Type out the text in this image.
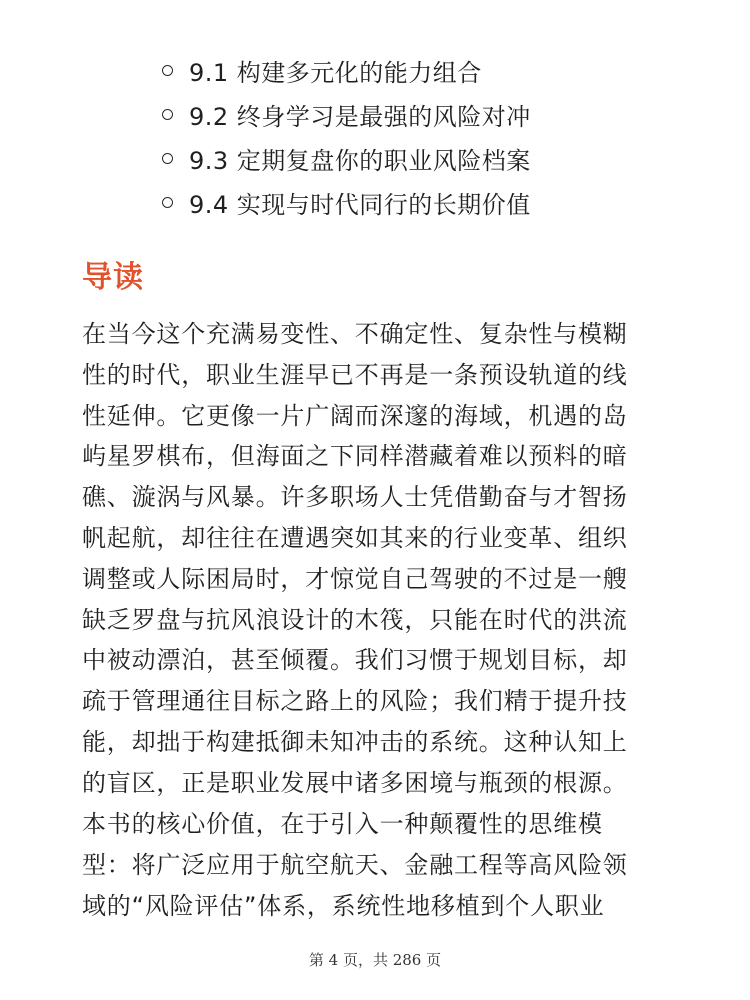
9.1 构建多元化的能力组合
9.2 终身学习是最强的风险对冲
9.3 定期复盘你的职业风险档案
9.4 实现与时代同行的长期价值
导读
在当今这个充满易变性、不确定性、复杂性与模糊
性的时代，职业生涯早已不再是一条预设轨道的线
性延伸。它更像一片广阔而深邃的海域，机遇的岛
屿星罗棋布，但海面之下同样潜藏着难以预料的暗
礁、漩涡与风暴。许多职场人士凭借勤奋与才智扬
帆起航，却往往在遭遇突如其来的行业变革、组织
调整或人际困局时，才惊觉自己驾驶的不过是一艘
缺乏罗盘与抗风浪设计的木筏，只能在时代的洪流
中被动漂泊，甚至倾覆。我们习惯于规划目标，却
疏于管理通往目标之路上的风险；我们精于提升技
能，却拙于构建抵御未知冲击的系统。这种认知上
的盲区，正是职业发展中诸多困境与瓶颈的根源。
本书的核心价值，在于引入一种颠覆性的思维模
型：将广泛应用于航空航天、金融工程等高风险领
域的“风险评估”体系，系统性地移植到个人职业
第 4 页，共 286 页
